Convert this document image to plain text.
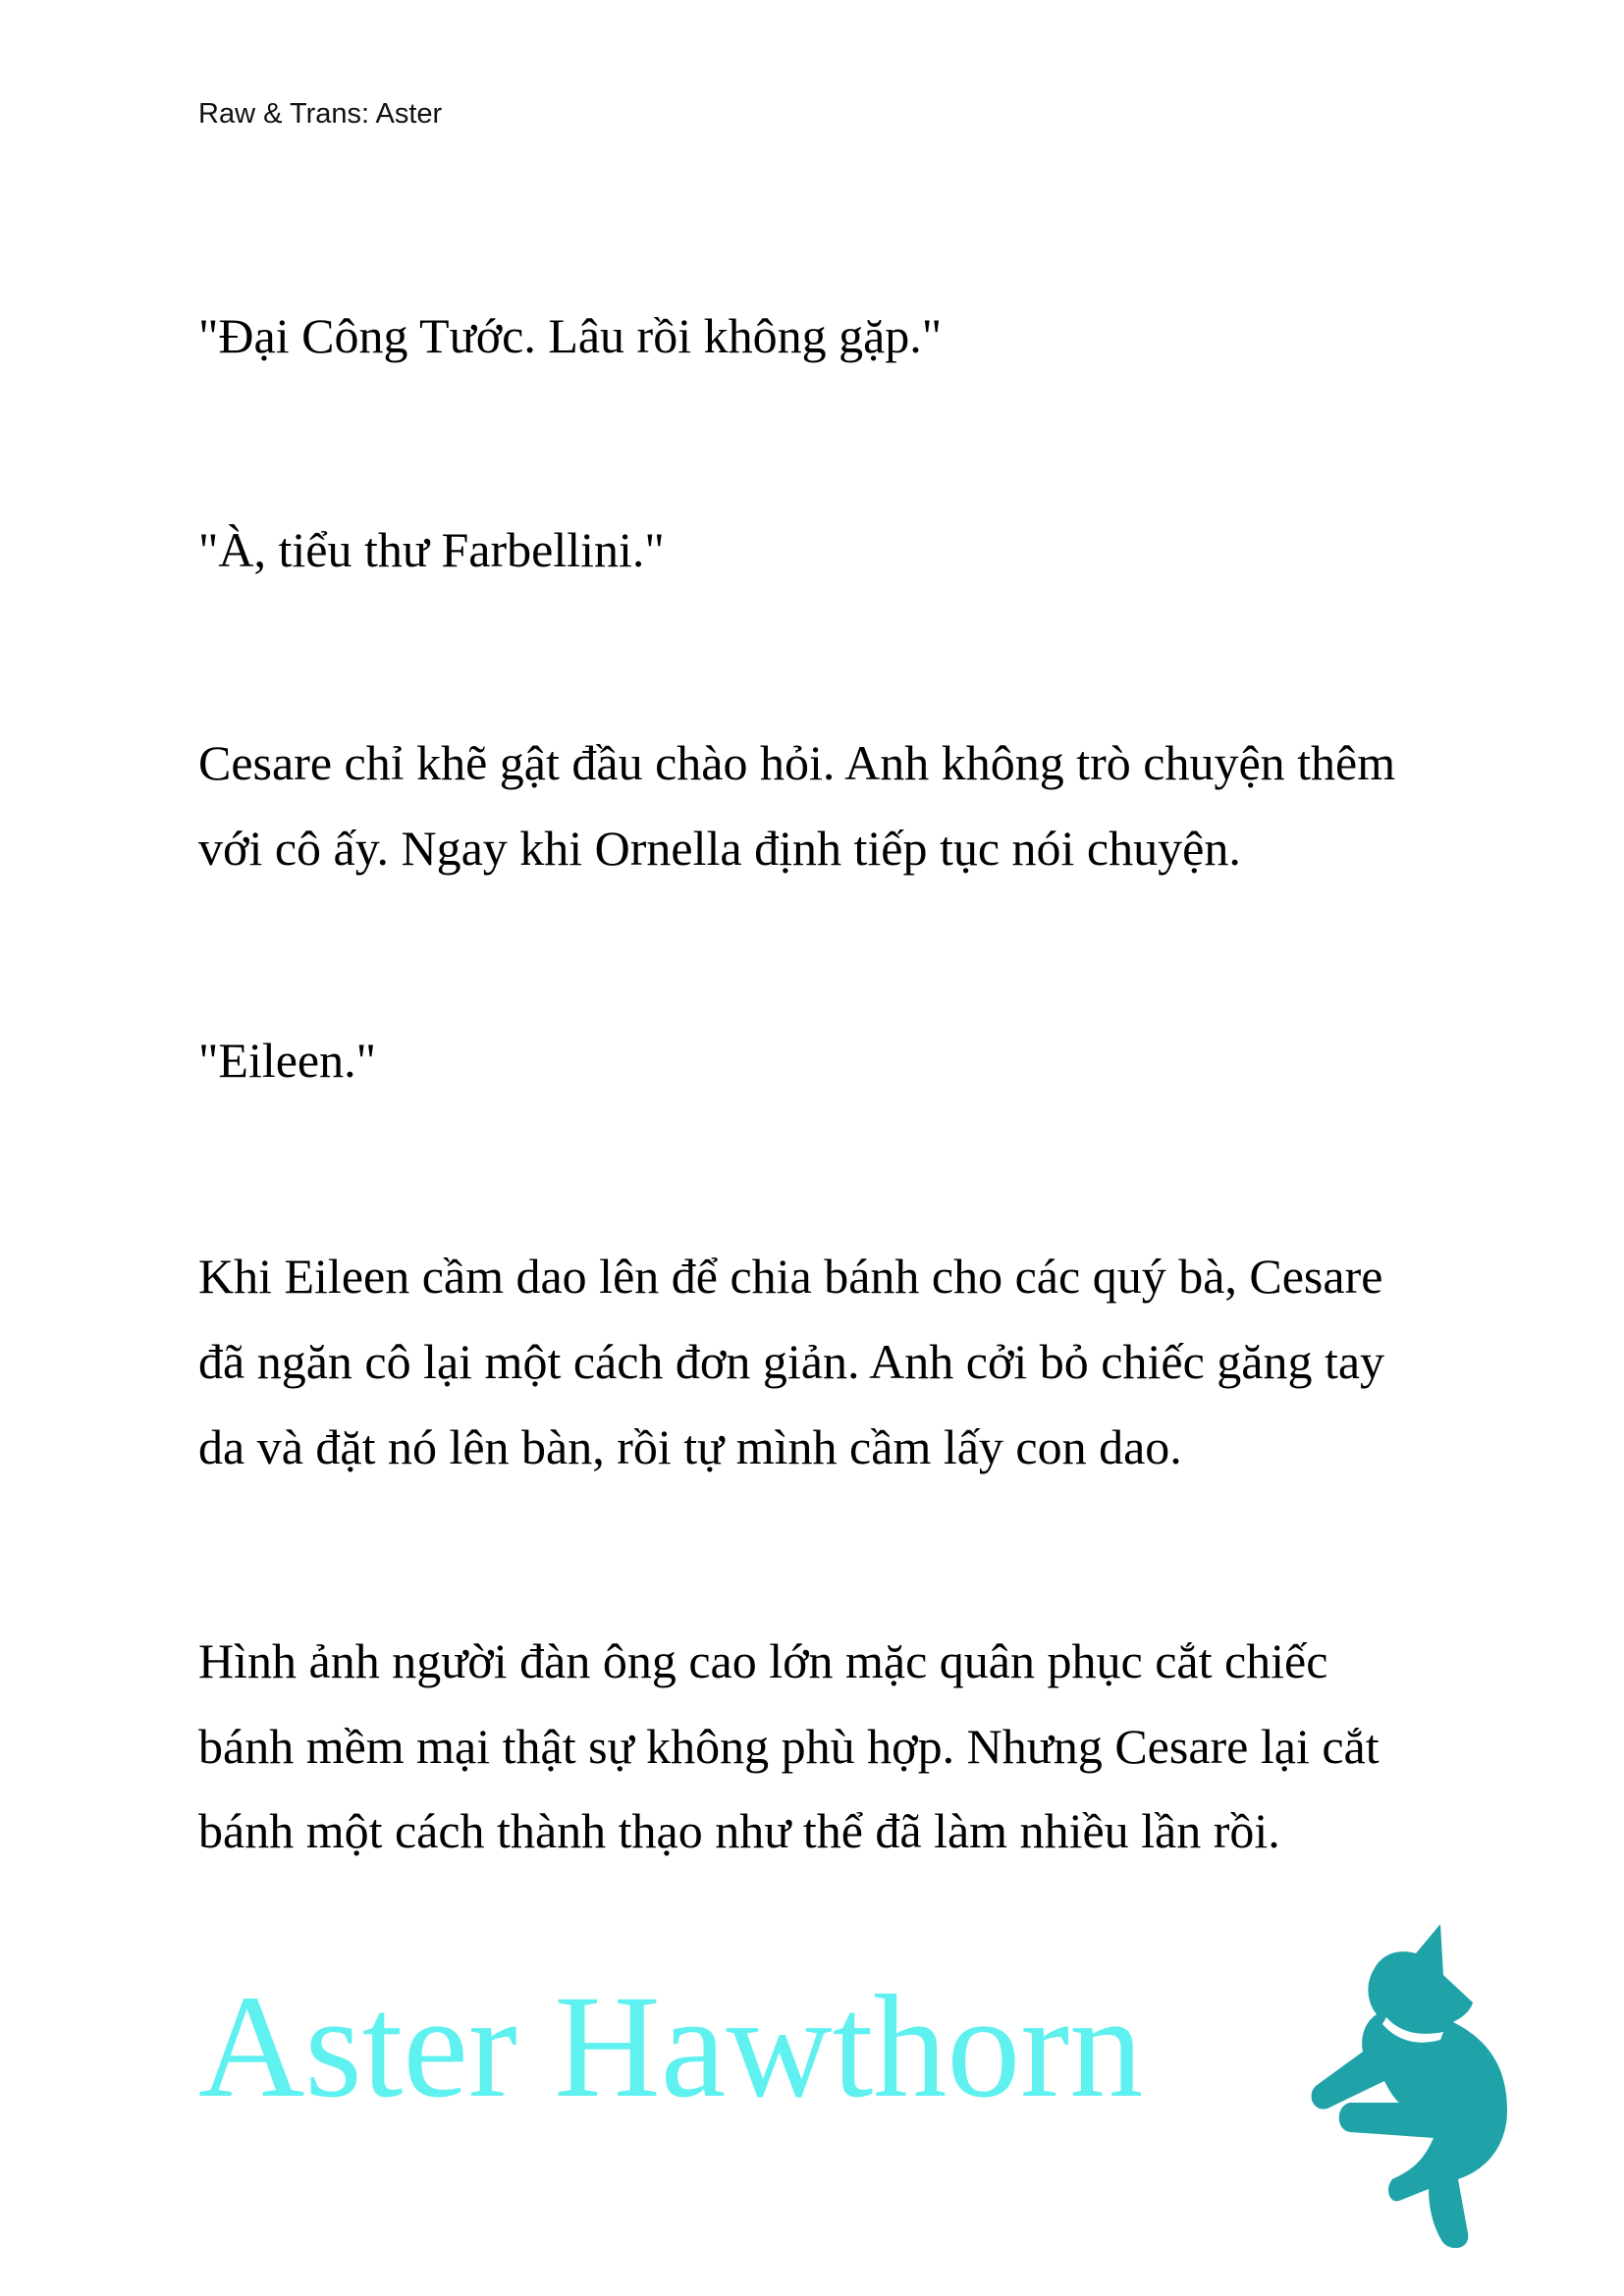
Raw & Trans: Aster
"Đại Công Tước. Lâu rồi không gặp."
"À, tiểu thư Farbellini."
Cesare chỉ khẽ gật đầu chào hỏi. Anh không trò chuyện thêm
với cô ấy. Ngay khi Ornella định tiếp tục nói chuyện.
"Eileen."
Khi Eileen cầm dao lên để chia bánh cho các quý bà, Cesare
đã ngăn cô lại một cách đơn giản. Anh cởi bỏ chiếc găng tay
da và đặt nó lên bàn, rồi tự mình cầm lấy con dao.
Hình ảnh người đàn ông cao lớn mặc quân phục cắt chiếc
bánh mềm mại thật sự không phù hợp. Nhưng Cesare lại cắt
bánh một cách thành thạo như thể đã làm nhiều lần rồi.
Aster Hawthorn
